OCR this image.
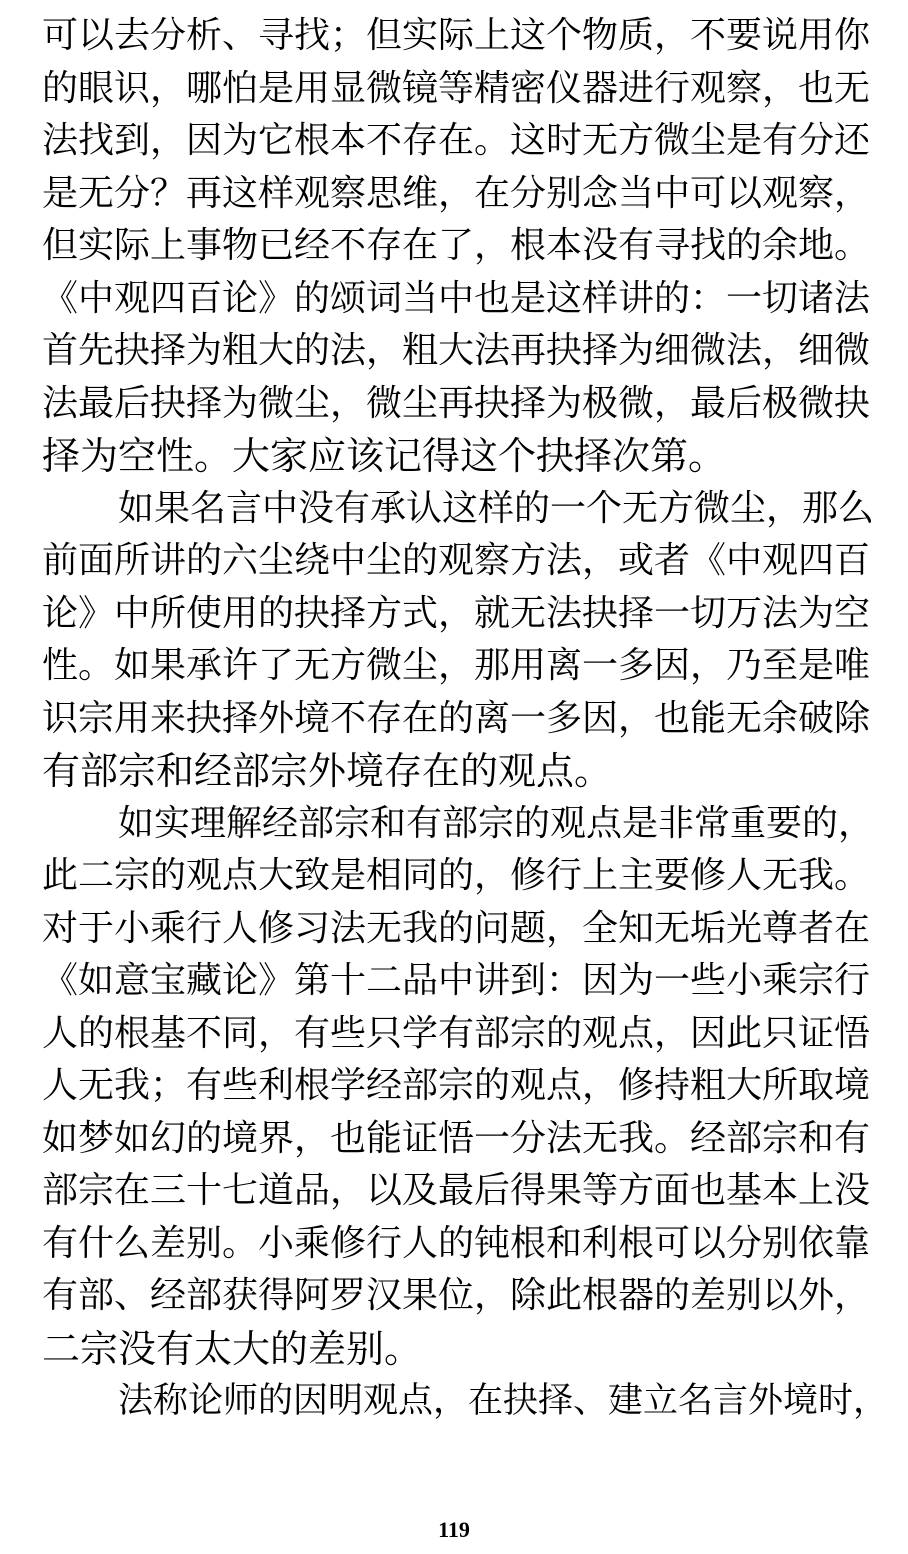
可以去分析、寻找；但实际上这个物质，不要说用你
的眼识，哪怕是用显微镜等精密仪器进行观察，也无
法找到，因为它根本不存在。这时无方微尘是有分还
是无分？再这样观察思维，在分别念当中可以观察，
但实际上事物已经不存在了，根本没有寻找的余地。
《中观四百论》的颂词当中也是这样讲的：一切诸法
首先抉择为粗大的法，粗大法再抉择为细微法，细微
法最后抉择为微尘，微尘再抉择为极微，最后极微抉
择为空性。大家应该记得这个抉择次第。
如果名言中没有承认这样的一个无方微尘，那么
前面所讲的六尘绕中尘的观察方法，或者《中观四百
论》中所使用的抉择方式，就无法抉择一切万法为空
性。如果承许了无方微尘，那用离一多因，乃至是唯
识宗用来抉择外境不存在的离一多因，也能无余破除
有部宗和经部宗外境存在的观点。
如实理解经部宗和有部宗的观点是非常重要的，
此二宗的观点大致是相同的，修行上主要修人无我。
对于小乘行人修习法无我的问题，全知无垢光尊者在
《如意宝藏论》第十二品中讲到：因为一些小乘宗行
人的根基不同，有些只学有部宗的观点，因此只证悟
人无我；有些利根学经部宗的观点，修持粗大所取境
如梦如幻的境界，也能证悟一分法无我。经部宗和有
部宗在三十七道品，以及最后得果等方面也基本上没
有什么差别。小乘修行人的钝根和利根可以分别依靠
有部、经部获得阿罗汉果位，除此根器的差别以外，
二宗没有太大的差别。
法称论师的因明观点，在抉择、建立名言外境时，
119
